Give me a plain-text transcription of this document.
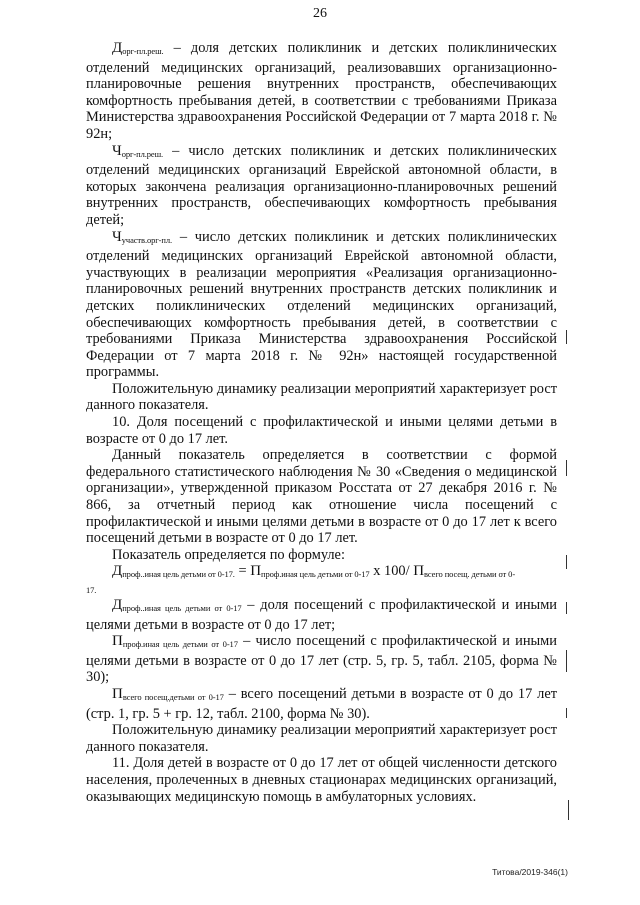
26

$Д_{орг-пл.реш.}$ – доля детских поликлиник и детских поликлинических отделений медицинских организаций, реализовавших организационно-планировочные решения внутренних пространств, обеспечивающих комфортность пребывания детей, в соответствии с требованиями Приказа Министерства здравоохранения Российской Федерации от 7 марта 2018 г. № 92н;

$Ч_{орг-пл.реш.}$ – число детских поликлиник и детских поликлинических отделений медицинских организаций Еврейской автономной области, в которых закончена реализация организационно-планировочных решений внутренних пространств, обеспечивающих комфортность пребывания детей;

$Ч_{участв.орг-пл.}$ – число детских поликлиник и детских поликлинических отделений медицинских организаций Еврейской автономной области, участвующих в реализации мероприятия «Реализация организационно-планировочных решений внутренних пространств детских поликлиник и детских поликлинических отделений медицинских организаций, обеспечивающих комфортность пребывания детей, в соответствии с требованиями Приказа Министерства здравоохранения Российской Федерации от 7 марта 2018 г. № 92н» настоящей государственной программы.

Положительную динамику реализации мероприятий характеризует рост данного показателя.

10. Доля посещений с профилактической и иными целями детьми в возрасте от 0 до 17 лет.

Данный показатель определяется в соответствии с формой федерального статистического наблюдения № 30 «Сведения о медицинской организации», утвержденной приказом Росстата от 27 декабря 2016 г. № 866, за отчетный период как отношение числа посещений с профилактической и иными целями детьми в возрасте от 0 до 17 лет к всего посещений детьми в возрасте от 0 до 17 лет.

Показатель определяется по формуле:

$Д_{проф..иная цель детьми от 0-17.} = П_{проф.иная цель детьми от 0-17}$ x 100/ $П_{всего посещ. детьми от 0-}$

17.

$Д_{проф..иная цель детьми от 0-17}$ – доля посещений с профилактической и иными целями детьми в возрасте от 0 до 17 лет;

$П_{проф.иная цель детьми от 0-17}$ – число посещений с профилактической и иными целями детьми в возрасте от 0 до 17 лет (стр. 5, гр. 5, табл. 2105, форма № 30);

$П_{всего посещ.детьми от 0-17}$ – всего посещений детьми в возрасте от 0 до 17 лет (стр. 1, гр. 5 + гр. 12, табл. 2100, форма № 30).

Положительную динамику реализации мероприятий характеризует рост данного показателя.

11. Доля детей в возрасте от 0 до 17 лет от общей численности детского населения, пролеченных в дневных стационарах медицинских организаций, оказывающих медицинскую помощь в амбулаторных условиях.

Титова/2019-346(1)
